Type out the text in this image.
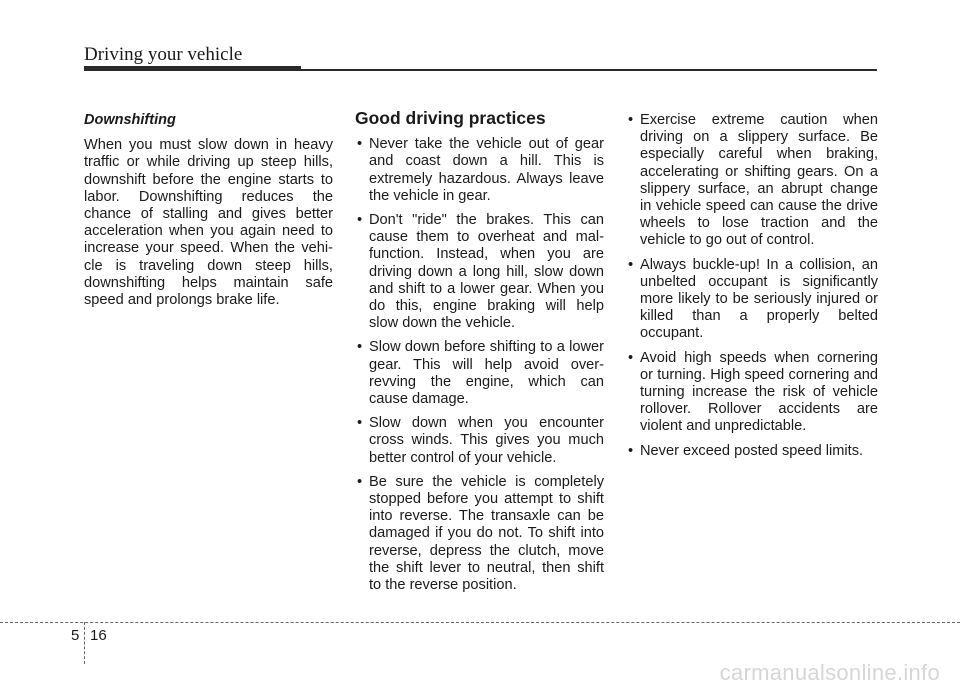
Driving your vehicle

Downshifting

When you must slow down in heavy traffic or while driving up steep hills, downshift before the engine starts to labor. Downshifting reduces the chance of stalling and gives better acceleration when you again need to increase your speed. When the vehi-cle is traveling down steep hills, downshifting helps maintain safe speed and prolongs brake life.

Good driving practices

• Never take the vehicle out of gear and coast down a hill. This is extremely hazardous. Always leave the vehicle in gear.
• Don't "ride" the brakes. This can cause them to overheat and mal-function. Instead, when you are driving down a long hill, slow down and shift to a lower gear. When you do this, engine braking will help slow down the vehicle.
• Slow down before shifting to a lower gear. This will help avoid over-revving the engine, which can cause damage.
• Slow down when you encounter cross winds. This gives you much better control of your vehicle.
• Be sure the vehicle is completely stopped before you attempt to shift into reverse. The transaxle can be damaged if you do not. To shift into reverse, depress the clutch, move the shift lever to neutral, then shift to the reverse position.
• Exercise extreme caution when driving on a slippery surface. Be especially careful when braking, accelerating or shifting gears. On a slippery surface, an abrupt change in vehicle speed can cause the drive wheels to lose traction and the vehicle to go out of control.
• Always buckle-up! In a collision, an unbelted occupant is significantly more likely to be seriously injured or killed than a properly belted occupant.
• Avoid high speeds when cornering or turning. High speed cornering and turning increase the risk of vehicle rollover. Rollover accidents are violent and unpredictable.
• Never exceed posted speed limits.
5 16
carmanualsonline.info
